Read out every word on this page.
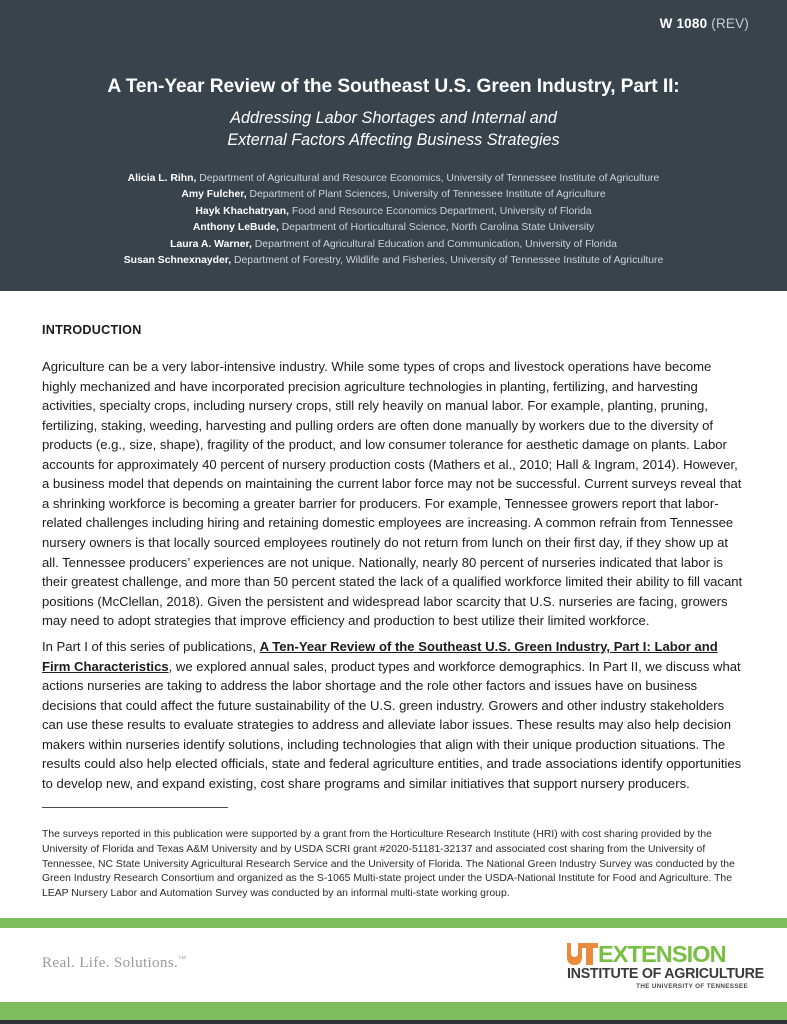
W 1080 (REV)
A Ten-Year Review of the Southeast U.S. Green Industry, Part II:
Addressing Labor Shortages and Internal and
External Factors Affecting Business Strategies
Alicia L. Rihn, Department of Agricultural and Resource Economics, University of Tennessee Institute of Agriculture
Amy Fulcher, Department of Plant Sciences, University of Tennessee Institute of Agriculture
Hayk Khachatryan, Food and Resource Economics Department, University of Florida
Anthony LeBude, Department of Horticultural Science, North Carolina State University
Laura A. Warner, Department of Agricultural Education and Communication, University of Florida
Susan Schnexnayder, Department of Forestry, Wildlife and Fisheries, University of Tennessee Institute of Agriculture
INTRODUCTION

Agriculture can be a very labor-intensive industry. While some types of crops and livestock operations have become highly mechanized and have incorporated precision agriculture technologies in planting, fertilizing, and harvesting activities, specialty crops, including nursery crops, still rely heavily on manual labor. For example, planting, pruning, fertilizing, staking, weeding, harvesting and pulling orders are often done manually by workers due to the diversity of products (e.g., size, shape), fragility of the product, and low consumer tolerance for aesthetic damage on plants. Labor accounts for approximately 40 percent of nursery production costs (Mathers et al., 2010; Hall & Ingram, 2014). However, a business model that depends on maintaining the current labor force may not be successful. Current surveys reveal that a shrinking workforce is becoming a greater barrier for producers. For example, Tennessee growers report that labor-related challenges including hiring and retaining domestic employees are increasing. A common refrain from Tennessee nursery owners is that locally sourced employees routinely do not return from lunch on their first day, if they show up at all. Tennessee producers’ experiences are not unique. Nationally, nearly 80 percent of nurseries indicated that labor is their greatest challenge, and more than 50 percent stated the lack of a qualified workforce limited their ability to fill vacant positions (McClellan, 2018). Given the persistent and widespread labor scarcity that U.S. nurseries are facing, growers may need to adopt strategies that improve efficiency and production to best utilize their limited workforce.

In Part I of this series of publications, A Ten-Year Review of the Southeast U.S. Green Industry, Part I: Labor and Firm Characteristics, we explored annual sales, product types and workforce demographics. In Part II, we discuss what actions nurseries are taking to address the labor shortage and the role other factors and issues have on business decisions that could affect the future sustainability of the U.S. green industry. Growers and other industry stakeholders can use these results to evaluate strategies to address and alleviate labor issues. These results may also help decision makers within nurseries identify solutions, including technologies that align with their unique production situations. The results could also help elected officials, state and federal agriculture entities, and trade associations identify opportunities to develop new, and expand existing, cost share programs and similar initiatives that support nursery producers.

The surveys reported in this publication were supported by a grant from the Horticulture Research Institute (HRI) with cost sharing provided by the University of Florida and Texas A&M University and by USDA SCRI grant #2020-51181-32137 and associated cost sharing from the University of Tennessee, NC State University Agricultural Research Service and the University of Florida. The National Green Industry Survey was conducted by the Green Industry Research Consortium and organized as the S-1065 Multi-state project under the USDA-National Institute for Food and Agriculture. The LEAP Nursery Labor and Automation Survey was conducted by an informal multi-state working group.

Real. Life. Solutions.™	EXTENSION
INSTITUTE OF AGRICULTURE
THE UNIVERSITY OF TENNESSEE
